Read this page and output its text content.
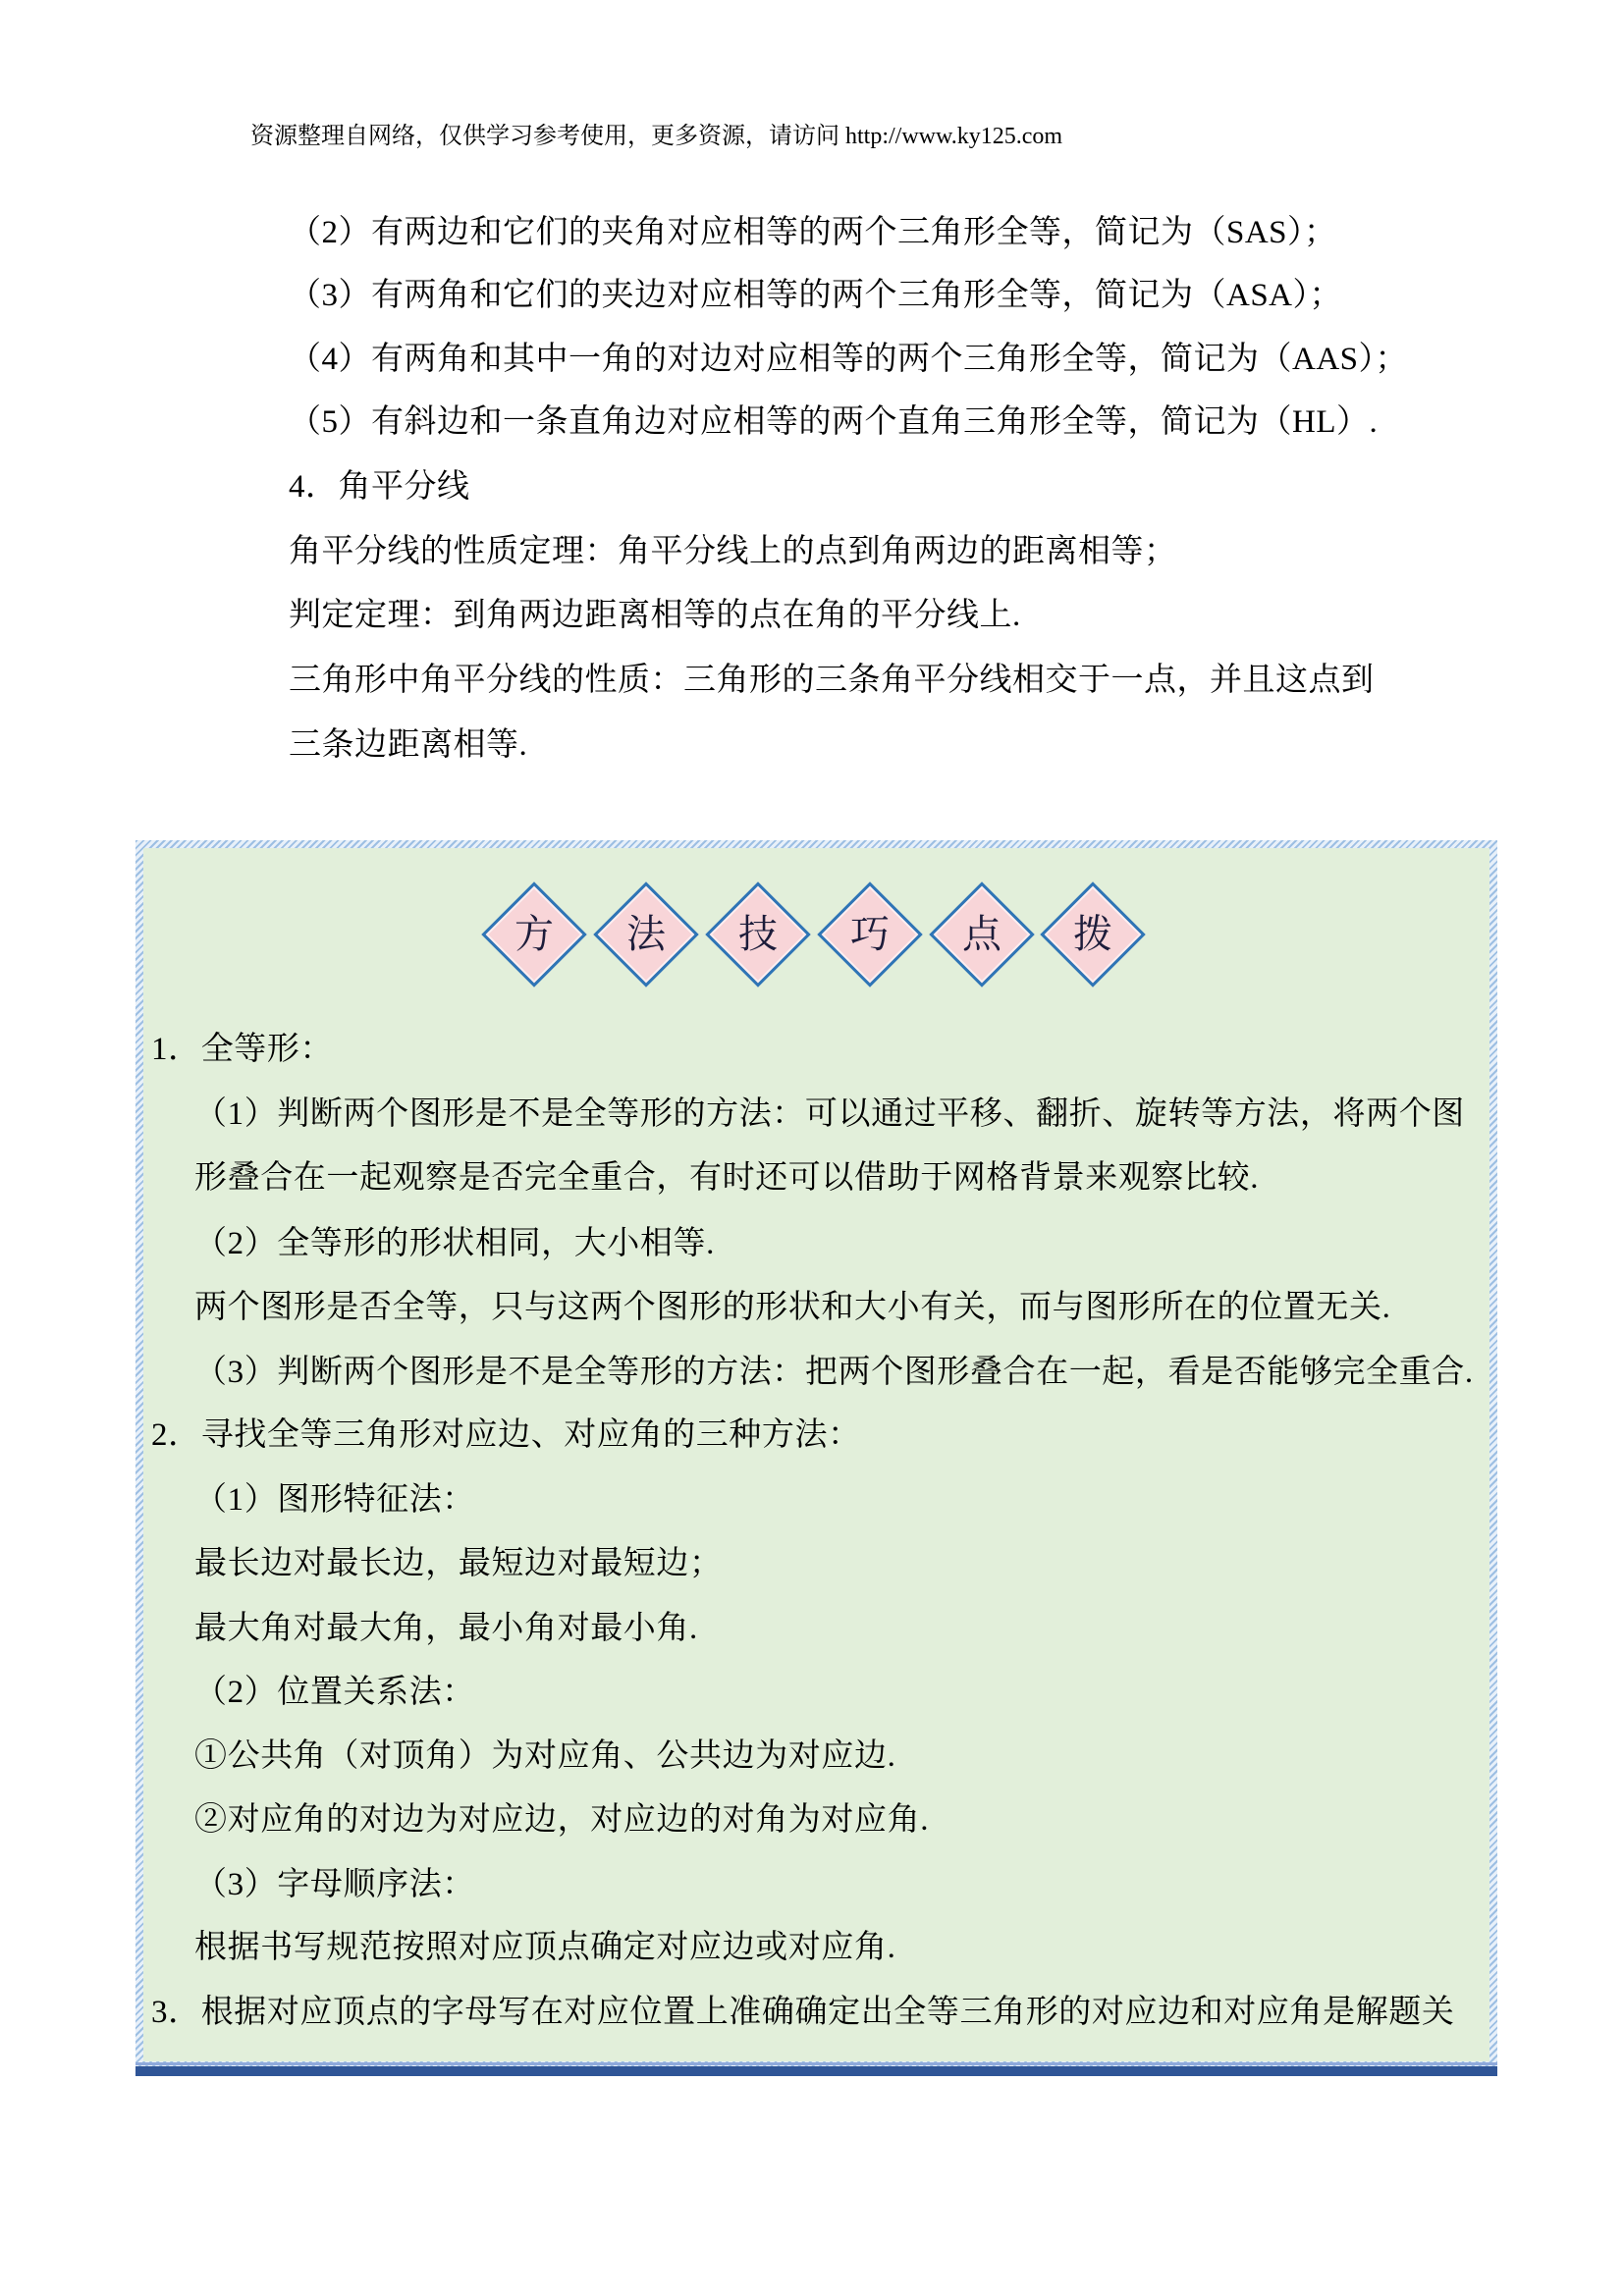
资源整理自网络，仅供学习参考使用，更多资源，请访问 http://www.ky125.com
（2）有两边和它们的夹角对应相等的两个三角形全等，简记为（SAS）；
（3）有两角和它们的夹边对应相等的两个三角形全等，简记为（ASA）；
（4）有两角和其中一角的对边对应相等的两个三角形全等，简记为（AAS）；
（5）有斜边和一条直角边对应相等的两个直角三角形全等，简记为（HL）.
4．角平分线
角平分线的性质定理：角平分线上的点到角两边的距离相等；
判定定理：到角两边距离相等的点在角的平分线上.
三角形中角平分线的性质：三角形的三条角平分线相交于一点，并且这点到
三条边距离相等.
方	法	技	巧	点	拨
1．全等形：
（1）判断两个图形是不是全等形的方法：可以通过平移、翻折、旋转等方法，将两个图
形叠合在一起观察是否完全重合，有时还可以借助于网格背景来观察比较.
（2）全等形的形状相同，大小相等.
两个图形是否全等，只与这两个图形的形状和大小有关，而与图形所在的位置无关.
（3）判断两个图形是不是全等形的方法：把两个图形叠合在一起，看是否能够完全重合.
2．寻找全等三角形对应边、对应角的三种方法：
（1）图形特征法：
最长边对最长边，最短边对最短边；
最大角对最大角，最小角对最小角.
（2）位置关系法：
①公共角（对顶角）为对应角、公共边为对应边.
②对应角的对边为对应边，对应边的对角为对应角.
（3）字母顺序法：
根据书写规范按照对应顶点确定对应边或对应角.
3．根据对应顶点的字母写在对应位置上准确确定出全等三角形的对应边和对应角是解题关
